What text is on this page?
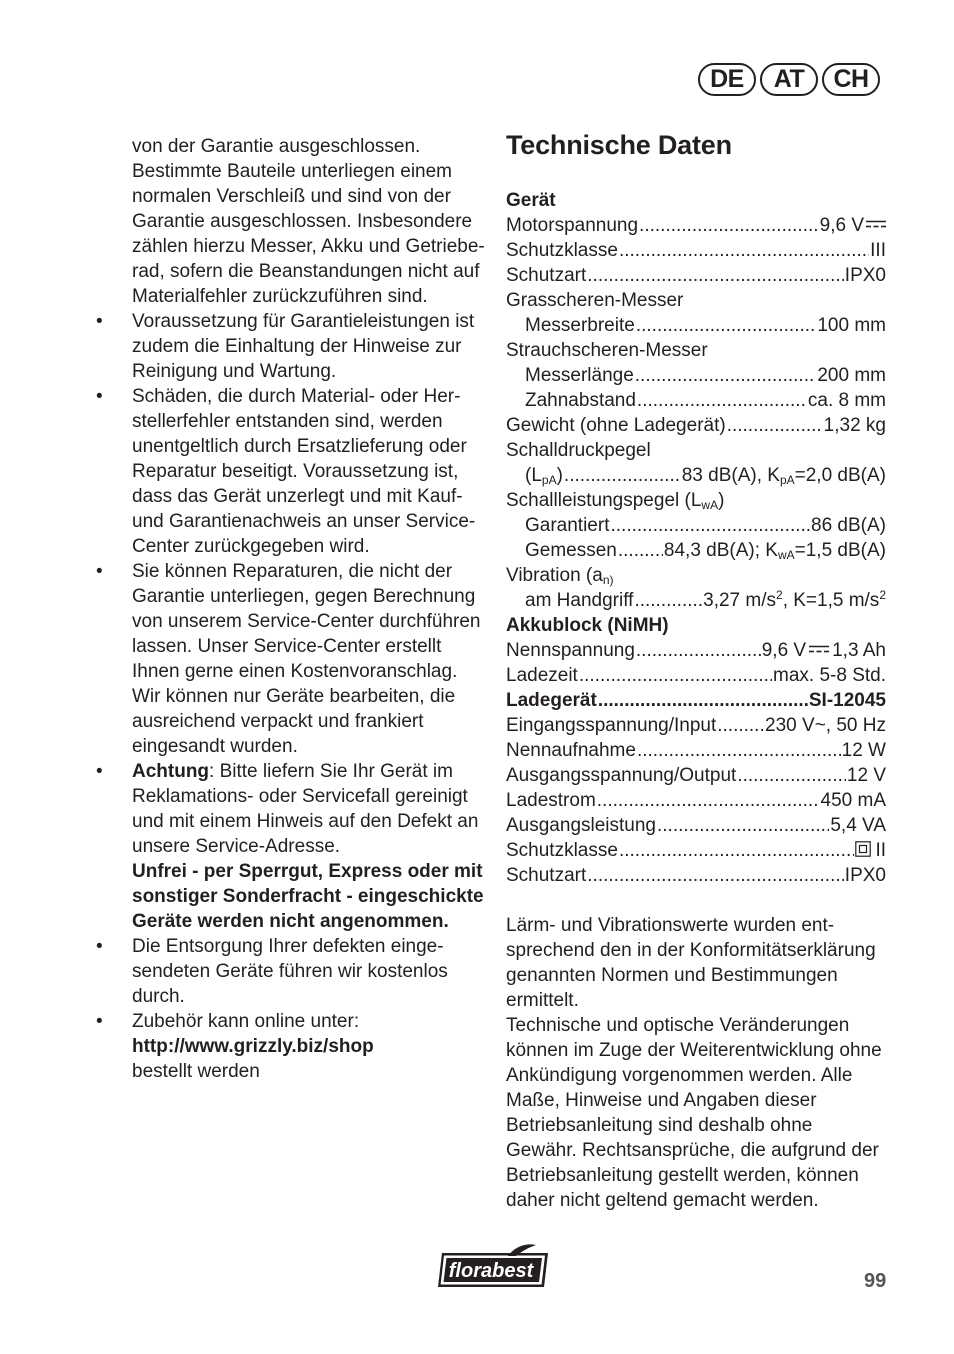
DE	AT	CH

von der Garantie ausgeschlossen. Bestimmte Bauteile unterliegen einem normalen Verschleiß und sind von der Garantie ausgeschlossen. Insbesondere zählen hierzu Messer, Akku und Getrieberad, sofern die Beanstandungen nicht auf Materialfehler zurückzuführen sind.

• Voraussetzung für Garantieleistungen ist zudem die Einhaltung der Hinweise zur Reinigung und Wartung.
• Schäden, die durch Material- oder Herstellerfehler entstanden sind, werden unentgeltlich durch Ersatzlieferung oder Reparatur beseitigt. Voraussetzung ist, dass das Gerät unzerlegt und mit Kauf- und Garantienachweis an unser Service-Center zurückgegeben wird.
• Sie können Reparaturen, die nicht der Garantie unterliegen, gegen Berechnung von unserem Service-Center durchführen lassen. Unser Service-Center erstellt Ihnen gerne einen Kostenvoranschlag. Wir können nur Geräte bearbeiten, die ausreichend verpackt und frankiert eingesandt wurden.
• Achtung: Bitte liefern Sie Ihr Gerät im Reklamations- oder Servicefall gereinigt und mit einem Hinweis auf den Defekt an unsere Service-Adresse.
Unfrei - per Sperrgut, Express oder mit sonstiger Sonderfracht - eingeschickte Geräte werden nicht angenommen.
• Die Entsorgung Ihrer defekten eingesendeten Geräte führen wir kostenlos durch.
• Zubehör kann online unter:
http://www.grizzly.biz/shop
bestellt werden
Technische Daten
Gerät
Motorspannung .....	9,6 V
Schutzklasse .....	III
Schutzart .....	IPX0
Grasscheren-Messer
Messerbreite .....	100 mm
Strauchscheren-Messer
Messerlänge .....	200 mm
Zahnabstand .....	ca. 8 mm
Gewicht (ohne Ladegerät) .....	1,32 kg
Schalldruckpegel
$(L_{pA})$ .....	83 dB(A), $K_{pA}=2,0$ dB(A)
Schallleistungspegel $(L_{wA})$
Garantiert .....	86 dB(A)
Gemessen ..... 84,3 dB(A); $K_{wA}=1,5$ dB(A)
Vibration ($a_{n)}$
am Handgriff .....	3,27 $m/s^2$, K=1,5 $m/s^2$
Akkublock (NiMH)
Nennspannung .....	9,6 V 1,3 Ah
Ladezeit .....	max. 5-8 Std.
Ladegerät .....	SI-12045
Eingangsspannung/Input .....	230 V~, 50 Hz
Nennaufnahme .....	12 W
Ausgangsspannung/Output .....	12 V
Ladestrom .....	450 mA
Ausgangsleistung .....	5,4 VA
Schutzklasse .....	II
Schutzart .....	IPX0

Lärm- und Vibrationswerte wurden entsprechend den in der Konformitätserklärung genannten Normen und Bestimmungen ermittelt.

Technische und optische Veränderungen können im Zuge der Weiterentwicklung ohne Ankündigung vorgenommen werden. Alle Maße, Hinweise und Angaben dieser Betriebsanleitung sind deshalb ohne Gewähr. Rechtsansprüche, die aufgrund der Betriebsanleitung gestellt werden, können daher nicht geltend gemacht werden.

florabest	99
